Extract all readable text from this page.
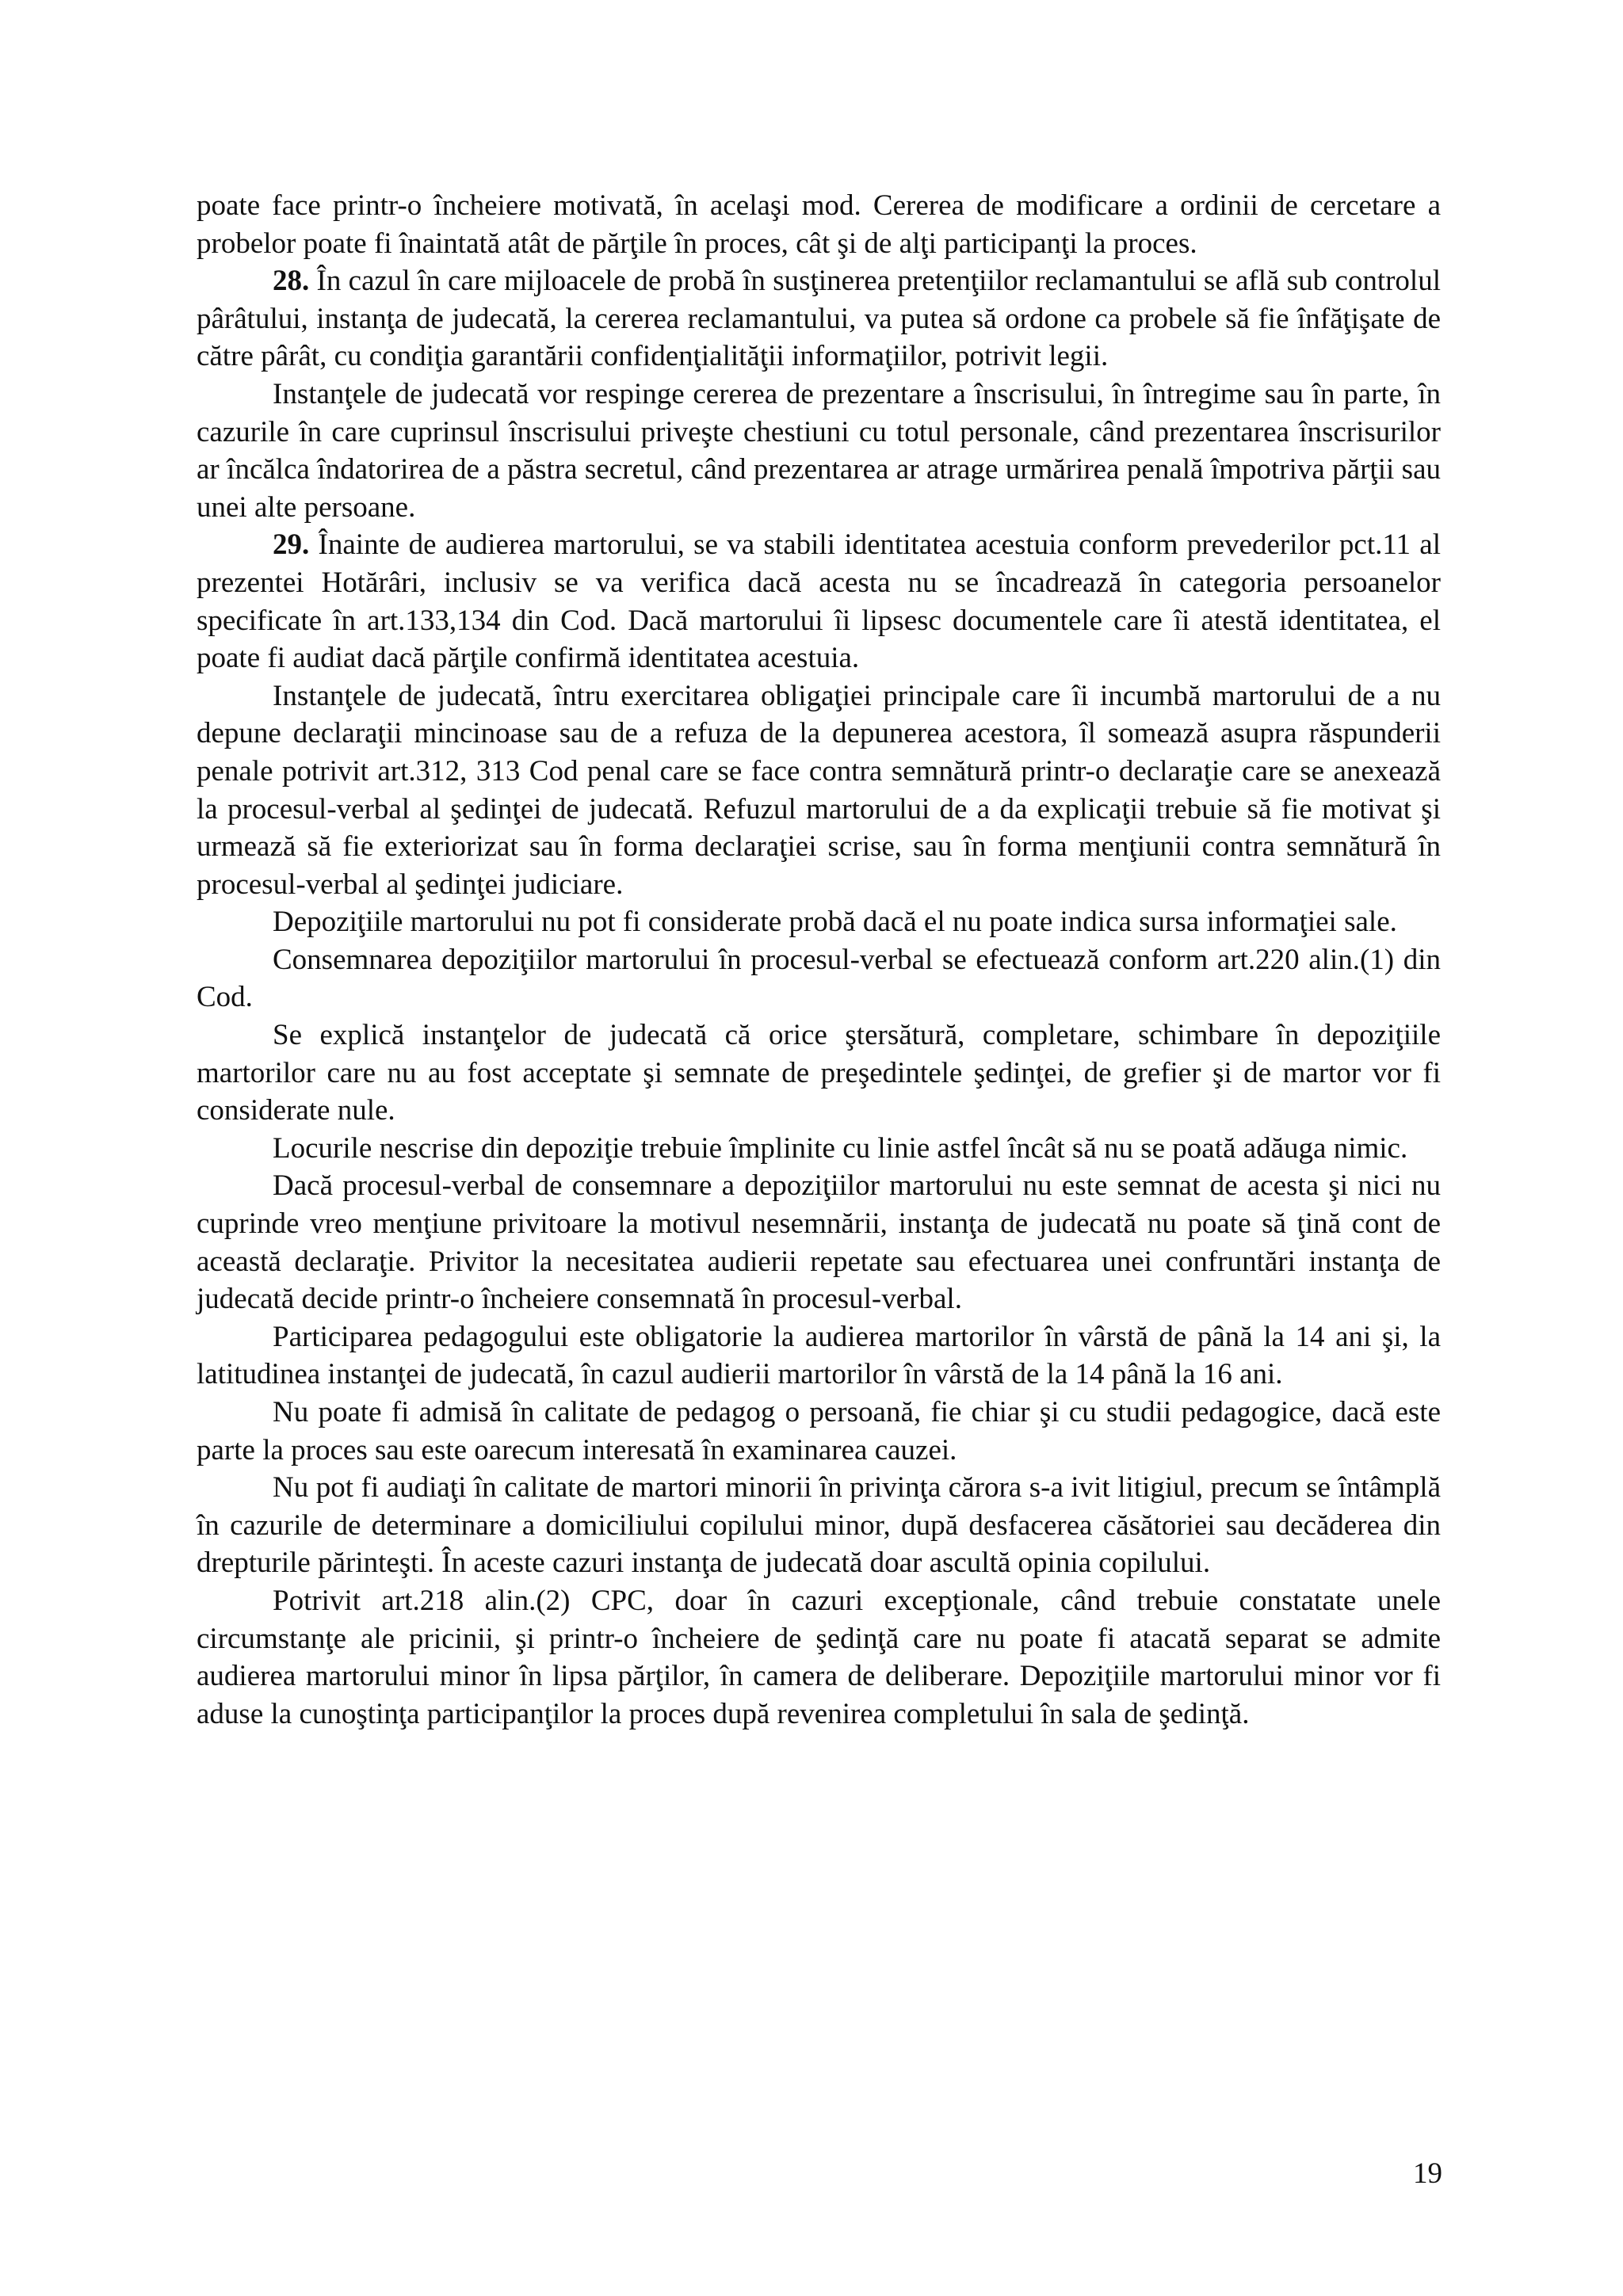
poate face printr-o încheiere motivată, în acelaşi mod. Cererea de modificare a ordinii de cercetare a probelor poate fi înaintată atât de părţile în proces, cât şi de alţi participanţi la proces.

28. În cazul în care mijloacele de probă în susţinerea pretenţiilor reclamantului se află sub controlul pârâtului, instanţa de judecată, la cererea reclamantului, va putea să ordone ca probele să fie înfăţişate de către pârât, cu condiţia garantării confidenţialităţii informaţiilor, potrivit legii.

Instanţele de judecată vor respinge cererea de prezentare a înscrisului, în întregime sau în parte, în cazurile în care cuprinsul înscrisului priveşte chestiuni cu totul personale, când prezentarea înscrisurilor ar încălca îndatorirea de a păstra secretul, când prezentarea ar atrage urmărirea penală împotriva părţii sau unei alte persoane.

29. Înainte de audierea martorului, se va stabili identitatea acestuia conform prevederilor pct.11 al prezentei Hotărâri, inclusiv se va verifica dacă acesta nu se încadrează în categoria persoanelor specificate în art.133,134 din Cod. Dacă martorului îi lipsesc documentele care îi atestă identitatea, el poate fi audiat dacă părţile confirmă identitatea acestuia.

Instanţele de judecată, întru exercitarea obligaţiei principale care îi incumbă martorului de a nu depune declaraţii mincinoase sau de a refuza de la depunerea acestora, îl somează asupra răspunderii penale potrivit art.312, 313 Cod penal care se face contra semnătură printr-o declaraţie care se anexează la procesul-verbal al şedinţei de judecată. Refuzul martorului de a da explicaţii trebuie să fie motivat şi urmează să fie exteriorizat sau în forma declaraţiei scrise, sau în forma menţiunii contra semnătură în procesul-verbal al şedinţei judiciare.

Depoziţiile martorului nu pot fi considerate probă dacă el nu poate indica sursa informaţiei sale.

Consemnarea depoziţiilor martorului în procesul-verbal se efectuează conform art.220 alin.(1) din Cod.

Se explică instanţelor de judecată că orice ştersătură, completare, schimbare în depoziţiile martorilor care nu au fost acceptate şi semnate de preşedintele şedinţei, de grefier şi de martor vor fi considerate nule.

Locurile nescrise din depoziţie trebuie împlinite cu linie astfel încât să nu se poată adăuga nimic.

Dacă procesul-verbal de consemnare a depoziţiilor martorului nu este semnat de acesta şi nici nu cuprinde vreo menţiune privitoare la motivul nesemnării, instanţa de judecată nu poate să ţină cont de această declaraţie. Privitor la necesitatea audierii repetate sau efectuarea unei confruntări instanţa de judecată decide printr-o încheiere consemnată în procesul-verbal.

Participarea pedagogului este obligatorie la audierea martorilor în vârstă de până la 14 ani şi, la latitudinea instanţei de judecată, în cazul audierii martorilor în vârstă de la 14 până la 16 ani.

Nu poate fi admisă în calitate de pedagog o persoană, fie chiar şi cu studii pedagogice, dacă este parte la proces sau este oarecum interesată în examinarea cauzei.

Nu pot fi audiaţi în calitate de martori minorii în privinţa cărora s-a ivit litigiul, precum se întâmplă în cazurile de determinare a domiciliului copilului minor, după desfacerea căsătoriei sau decăderea din drepturile părinteşti. În aceste cazuri instanţa de judecată doar ascultă opinia copilului.

Potrivit art.218 alin.(2) CPC, doar în cazuri excepţionale, când trebuie constatate unele circumstanţe ale pricinii, şi printr-o încheiere de şedinţă care nu poate fi atacată separat se admite audierea martorului minor în lipsa părţilor, în camera de deliberare. Depoziţiile martorului minor vor fi aduse la cunoştinţa participanţilor la proces după revenirea completului în sala de şedinţă.

19
